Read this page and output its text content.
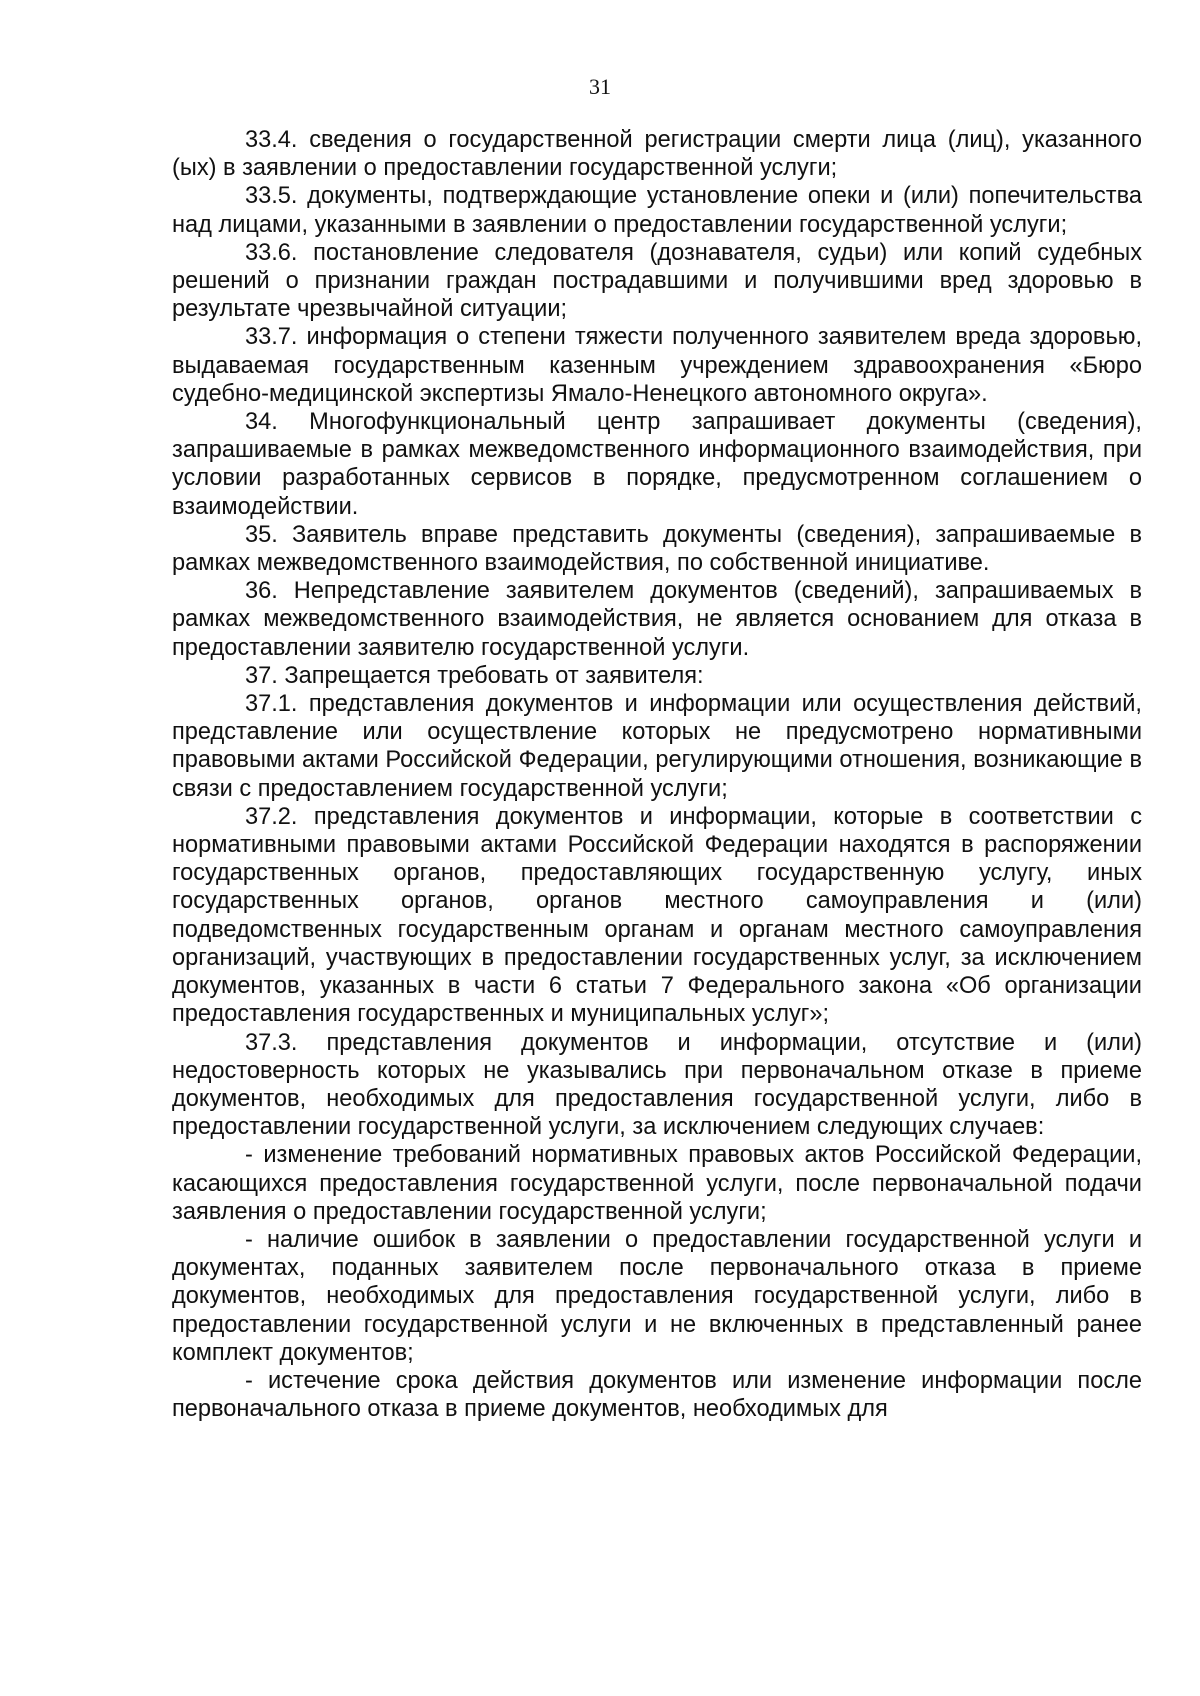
31

33.4. сведения о государственной регистрации смерти лица (лиц), указанного (ых) в заявлении о предоставлении государственной услуги;

33.5. документы, подтверждающие установление опеки и (или) попечительства над лицами, указанными в заявлении о предоставлении государственной услуги;

33.6. постановление следователя (дознавателя, судьи) или копий судебных решений о признании граждан пострадавшими и получившими вред здоровью в результате чрезвычайной ситуации;

33.7. информация о степени тяжести полученного заявителем вреда здоровью, выдаваемая государственным казенным учреждением здравоохранения «Бюро судебно-медицинской экспертизы Ямало-Ненецкого автономного округа».

34. Многофункциональный центр запрашивает документы (сведения), запрашиваемые в рамках межведомственного информационного взаимодействия, при условии разработанных сервисов в порядке, предусмотренном соглашением о взаимодействии.

35. Заявитель вправе представить документы (сведения), запрашиваемые в рамках межведомственного взаимодействия, по собственной инициативе.

36. Непредставление заявителем документов (сведений), запрашиваемых в рамках межведомственного взаимодействия, не является основанием для отказа в предоставлении заявителю государственной услуги.

37. Запрещается требовать от заявителя:

37.1. представления документов и информации или осуществления действий, представление или осуществление которых не предусмотрено нормативными правовыми актами Российской Федерации, регулирующими отношения, возникающие в связи с предоставлением государственной услуги;

37.2. представления документов и информации, которые в соответствии с нормативными правовыми актами Российской Федерации находятся в распоряжении государственных органов, предоставляющих государственную услугу, иных государственных органов, органов местного самоуправления и (или) подведомственных государственным органам и органам местного самоуправления организаций, участвующих в предоставлении государственных услуг, за исключением документов, указанных в части 6 статьи 7 Федерального закона «Об организации предоставления государственных и муниципальных услуг»;

37.3. представления документов и информации, отсутствие и (или) недостоверность которых не указывались при первоначальном отказе в приеме документов, необходимых для предоставления государственной услуги, либо в предоставлении государственной услуги, за исключением следующих случаев:

- изменение требований нормативных правовых актов Российской Федерации, касающихся предоставления государственной услуги, после первоначальной подачи заявления о предоставлении государственной услуги;

- наличие ошибок в заявлении о предоставлении государственной услуги и документах, поданных заявителем после первоначального отказа в приеме документов, необходимых для предоставления государственной услуги, либо в предоставлении государственной услуги и не включенных в представленный ранее комплект документов;

- истечение срока действия документов или изменение информации после первоначального отказа в приеме документов, необходимых для
